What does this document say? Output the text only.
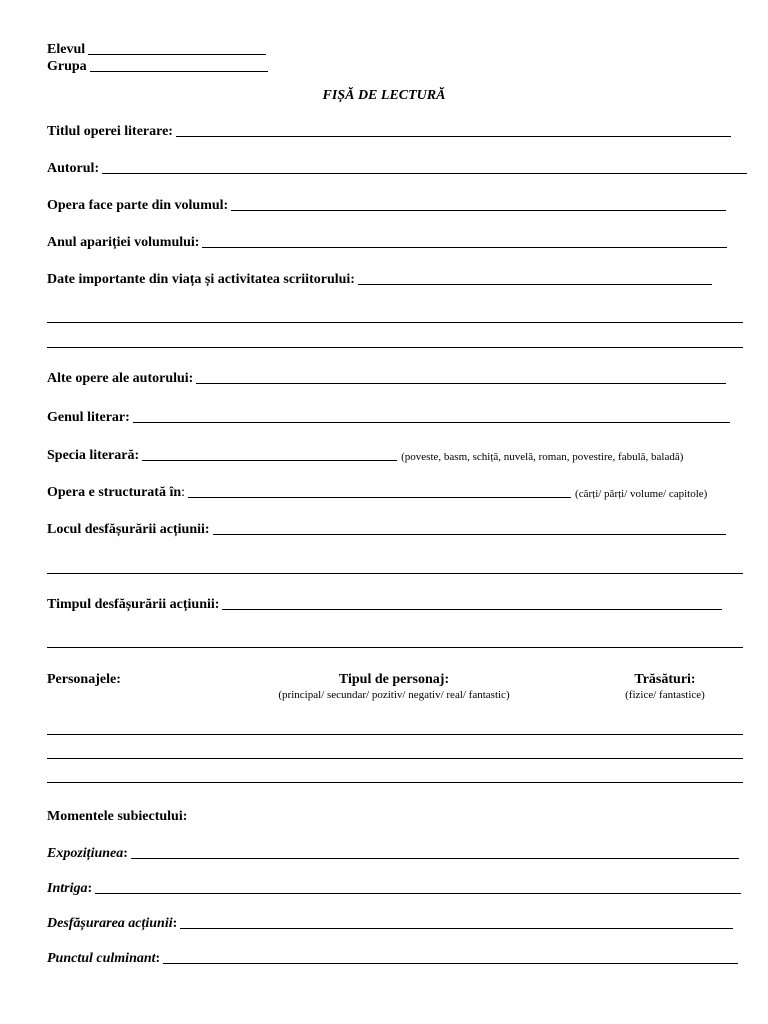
Elevul
Grupa
FIȘĂ DE LECTURĂ
Titlul operei literare:
Autorul:
Opera face parte din volumul:
Anul apariției volumului:
Date importante din viața și activitatea scriitorului:
Alte opere ale autorului:
Genul literar:
Specia literară:	(poveste, basm, schiță, nuvelă, roman, povestire, fabulă, baladă)
Opera e structurată în :	(cărți/ părți/ volume/ capitole)
Locul desfășurării acțiunii:
Timpul desfășurării acțiunii:
Personajele:	Tipul de personaj:
(principal/ secundar/ pozitiv/ negativ/ real/ fantastic)
Trăsături:
(fizice/ fantastice)
Momentele subiectului:
Expozițiunea :
Intriga :
Desfășurarea acțiunii :
Punctul culminant :
